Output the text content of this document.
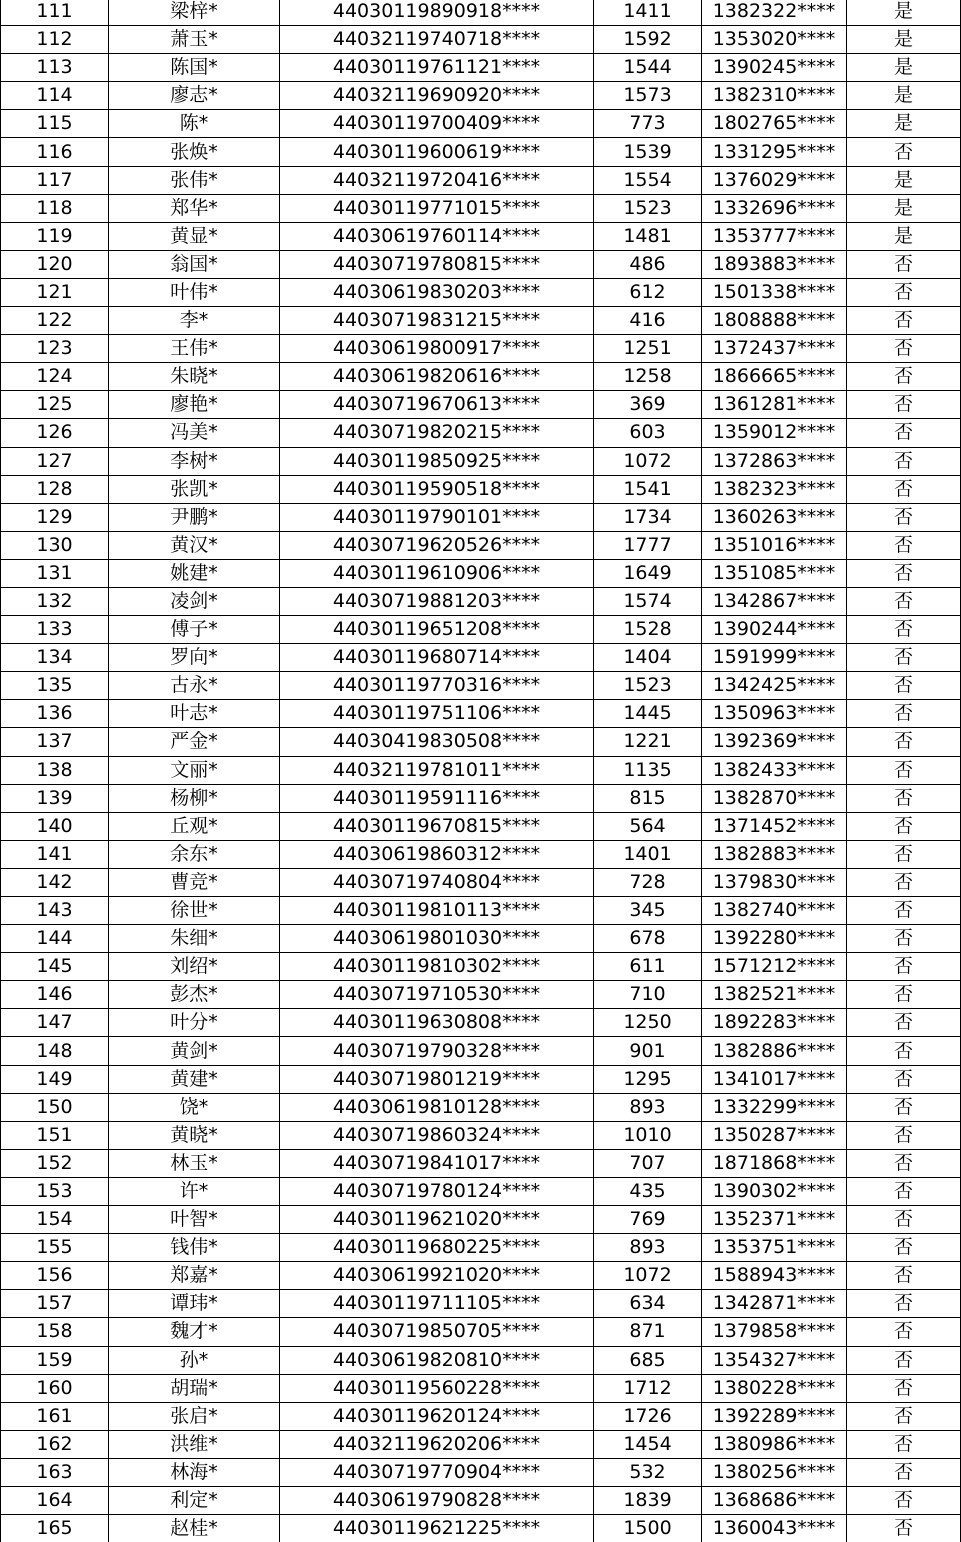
111	梁梓*	44030119890918****	1411	1382322****	是
112	萧玉*	44032119740718****	1592	1353020****	是
113	陈国*	44030119761121****	1544	1390245****	是
114	廖志*	44032119690920****	1573	1382310****	是
115	陈*	44030119700409****	773	1802765****	是
116	张焕*	44030119600619****	1539	1331295****	否
117	张伟*	44032119720416****	1554	1376029****	是
118	郑华*	44030119771015****	1523	1332696****	是
119	黄显*	44030619760114****	1481	1353777****	是
120	翁国*	44030719780815****	486	1893883****	否
121	叶伟*	44030619830203****	612	1501338****	否
122	李*	44030719831215****	416	1808888****	否
123	王伟*	44030619800917****	1251	1372437****	否
124	朱晓*	44030619820616****	1258	1866665****	否
125	廖艳*	44030719670613****	369	1361281****	否
126	冯美*	44030719820215****	603	1359012****	否
127	李树*	44030119850925****	1072	1372863****	否
128	张凯*	44030119590518****	1541	1382323****	否
129	尹鹏*	44030119790101****	1734	1360263****	否
130	黄汉*	44030719620526****	1777	1351016****	否
131	姚建*	44030119610906****	1649	1351085****	否
132	凌剑*	44030719881203****	1574	1342867****	否
133	傅子*	44030119651208****	1528	1390244****	否
134	罗向*	44030119680714****	1404	1591999****	否
135	古永*	44030119770316****	1523	1342425****	否
136	叶志*	44030119751106****	1445	1350963****	否
137	严金*	44030419830508****	1221	1392369****	否
138	文丽*	44032119781011****	1135	1382433****	否
139	杨柳*	44030119591116****	815	1382870****	否
140	丘观*	44030119670815****	564	1371452****	否
141	余东*	44030619860312****	1401	1382883****	否
142	曹竞*	44030719740804****	728	1379830****	否
143	徐世*	44030119810113****	345	1382740****	否
144	朱细*	44030619801030****	678	1392280****	否
145	刘绍*	44030119810302****	611	1571212****	否
146	彭杰*	44030719710530****	710	1382521****	否
147	叶分*	44030119630808****	1250	1892283****	否
148	黄剑*	44030719790328****	901	1382886****	否
149	黄建*	44030719801219****	1295	1341017****	否
150	饶*	44030619810128****	893	1332299****	否
151	黄晓*	44030719860324****	1010	1350287****	否
152	林玉*	44030719841017****	707	1871868****	否
153	许*	44030719780124****	435	1390302****	否
154	叶智*	44030119621020****	769	1352371****	否
155	钱伟*	44030119680225****	893	1353751****	否
156	郑嘉*	44030619921020****	1072	1588943****	否
157	谭玮*	44030119711105****	634	1342871****	否
158	魏才*	44030719850705****	871	1379858****	否
159	孙*	44030619820810****	685	1354327****	否
160	胡瑞*	44030119560228****	1712	1380228****	否
161	张启*	44030119620124****	1726	1392289****	否
162	洪维*	44032119620206****	1454	1380986****	否
163	林海*	44030719770904****	532	1380256****	否
164	利定*	44030619790828****	1839	1368686****	否
165	赵桂*	44030119621225****	1500	1360043****	否
